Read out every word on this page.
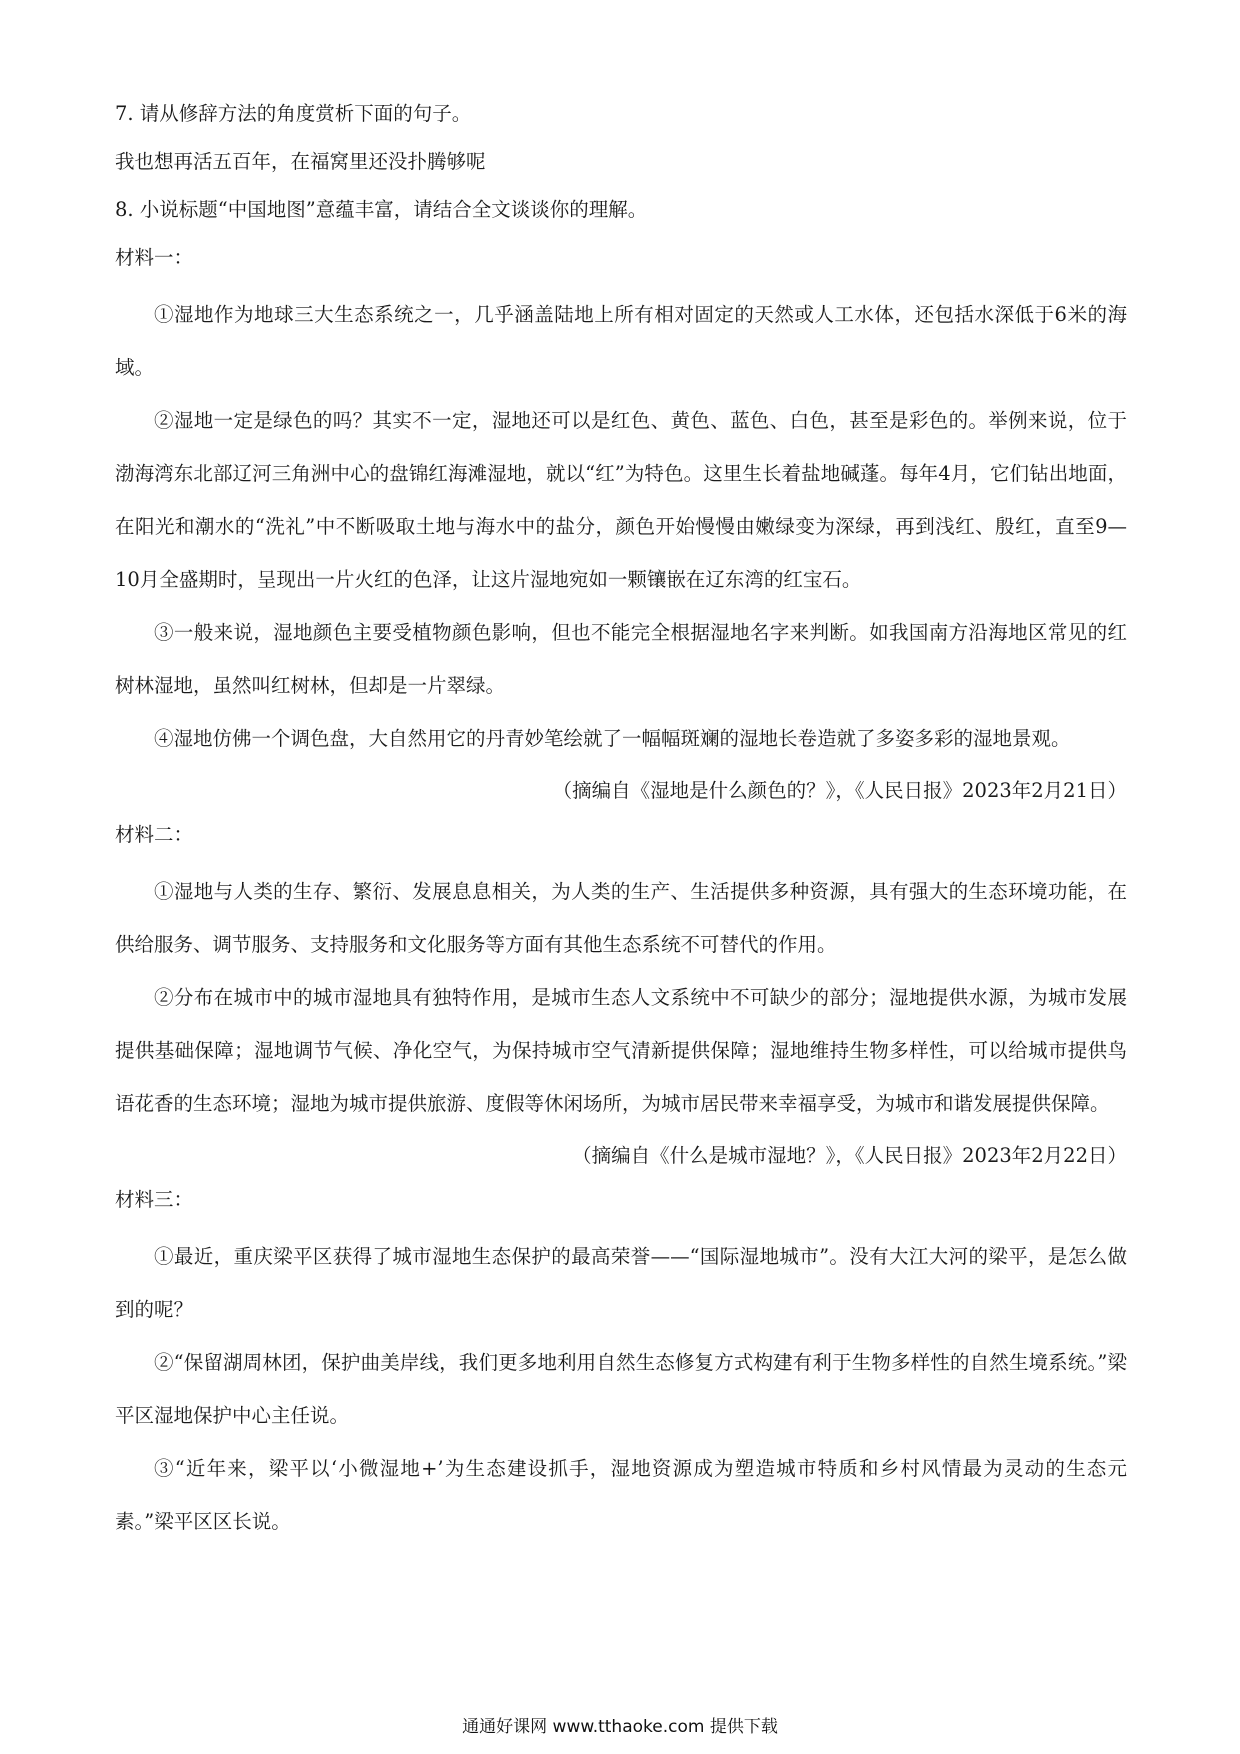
7. 请从修辞方法的角度赏析下面的句子。

我也想再活五百年，在福窝里还没扑腾够呢

8. 小说标题“中国地图”意蕴丰富，请结合全文谈谈你的理解。

材料一：

①湿地作为地球三大生态系统之一，几乎涵盖陆地上所有相对固定的天然或人工水体，还包括水深低于6米的海域。

②湿地一定是绿色的吗？其实不一定，湿地还可以是红色、黄色、蓝色、白色，甚至是彩色的。举例来说，位于渤海湾东北部辽河三角洲中心的盘锦红海滩湿地，就以“红”为特色。这里生长着盐地碱蓬。每年4月，它们钻出地面，在阳光和潮水的“洗礼”中不断吸取土地与海水中的盐分，颜色开始慢慢由嫩绿变为深绿，再到浅红、殷红，直至9—10月全盛期时，呈现出一片火红的色泽，让这片湿地宛如一颗镶嵌在辽东湾的红宝石。

③一般来说，湿地颜色主要受植物颜色影响，但也不能完全根据湿地名字来判断。如我国南方沿海地区常见的红树林湿地，虽然叫红树林，但却是一片翠绿。

④湿地仿佛一个调色盘，大自然用它的丹青妙笔绘就了一幅幅斑斓的湿地长卷造就了多姿多彩的湿地景观。

（摘编自《湿地是什么颜色的？》，《人民日报》2023年2月21日）

材料二：

①湿地与人类的生存、繁衍、发展息息相关，为人类的生产、生活提供多种资源，具有强大的生态环境功能，在供给服务、调节服务、支持服务和文化服务等方面有其他生态系统不可替代的作用。

②分布在城市中的城市湿地具有独特作用，是城市生态人文系统中不可缺少的部分；湿地提供水源，为城市发展提供基础保障；湿地调节气候、净化空气，为保持城市空气清新提供保障；湿地维持生物多样性，可以给城市提供鸟语花香的生态环境；湿地为城市提供旅游、度假等休闲场所，为城市居民带来幸福享受，为城市和谐发展提供保障。

（摘编自《什么是城市湿地？》，《人民日报》2023年2月22日）

材料三：

①最近，重庆梁平区获得了城市湿地生态保护的最高荣誉——“国际湿地城市”。没有大江大河的梁平，是怎么做到的呢？

②“保留湖周林团，保护曲美岸线，我们更多地利用自然生态修复方式构建有利于生物多样性的自然生境系统。”梁平区湿地保护中心主任说。

③“近年来，梁平以‘小微湿地+’为生态建设抓手，湿地资源成为塑造城市特质和乡村风情最为灵动的生态元素。”梁平区区长说。

通通好课网 www.tthaoke.com 提供下载
